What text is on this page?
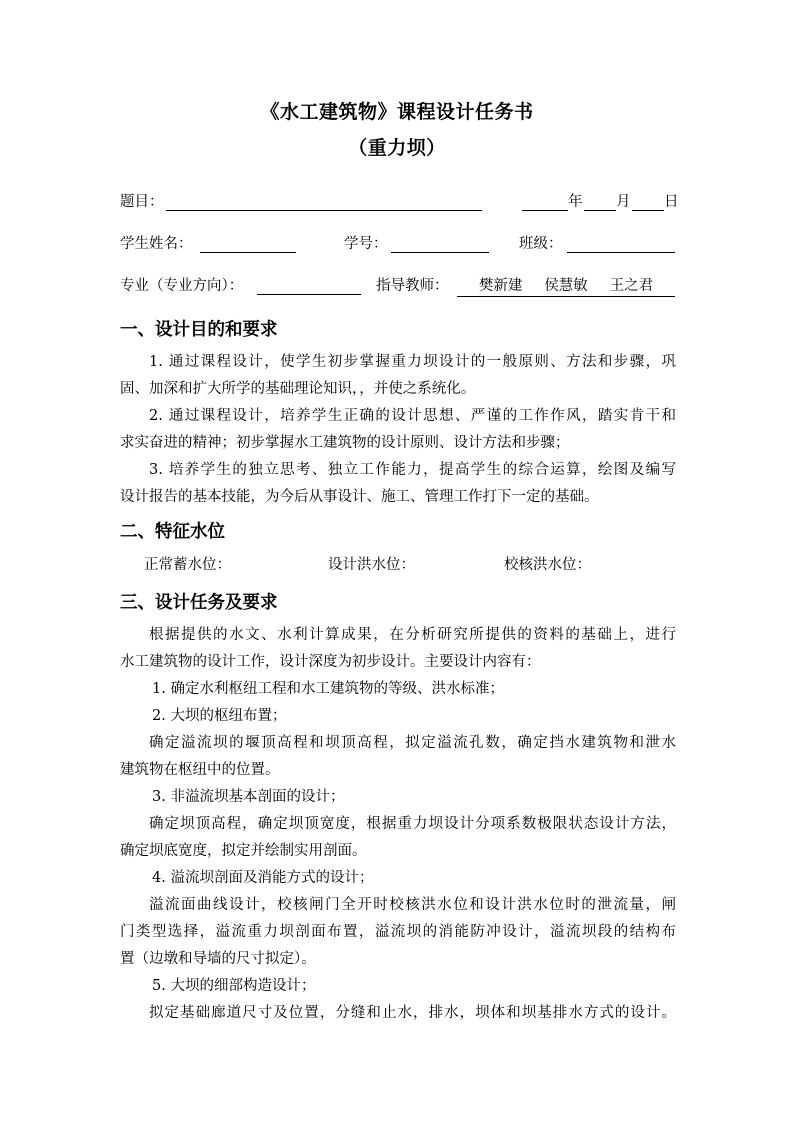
《水工建筑物》课程设计任务书
（重力坝）
题目：	年 月 日
学生姓名：	学号：	班级：
专业（专业方向）：	指导教师： 樊新建 侯慧敏 王之君
一、设计目的和要求
1. 通过课程设计，使学生初步掌握重力坝设计的一般原则、方法和步骤，巩
固、加深和扩大所学的基础理论知识，，并使之系统化。
2. 通过课程设计，培养学生正确的设计思想、严谨的工作作风，踏实肯干和
求实奋进的精神；初步掌握水工建筑物的设计原则、设计方法和步骤；
3. 培养学生的独立思考、独立工作能力，提高学生的综合运算，绘图及编写
设计报告的基本技能，为今后从事设计、施工、管理工作打下一定的基础。
二、特征水位
正常蓄水位：	设计洪水位：	校核洪水位：
三、设计任务及要求
根据提供的水文、水利计算成果，在分析研究所提供的资料的基础上，进行
水工建筑物的设计工作，设计深度为初步设计。主要设计内容有：
1. 确定水利枢纽工程和水工建筑物的等级、洪水标准；
2. 大坝的枢纽布置；
确定溢流坝的堰顶高程和坝顶高程，拟定溢流孔数，确定挡水建筑物和泄水
建筑物在枢纽中的位置。
3. 非溢流坝基本剖面的设计；
确定坝顶高程，确定坝顶宽度，根据重力坝设计分项系数极限状态设计方法，
确定坝底宽度，拟定并绘制实用剖面。
4. 溢流坝剖面及消能方式的设计；
溢流面曲线设计，校核闸门全开时校核洪水位和设计洪水位时的泄流量，闸
门类型选择，溢流重力坝剖面布置，溢流坝的消能防冲设计，溢流坝段的结构布
置（边墩和导墙的尺寸拟定）。
5. 大坝的细部构造设计；
拟定基础廊道尺寸及位置，分缝和止水，排水，坝体和坝基排水方式的设计。
